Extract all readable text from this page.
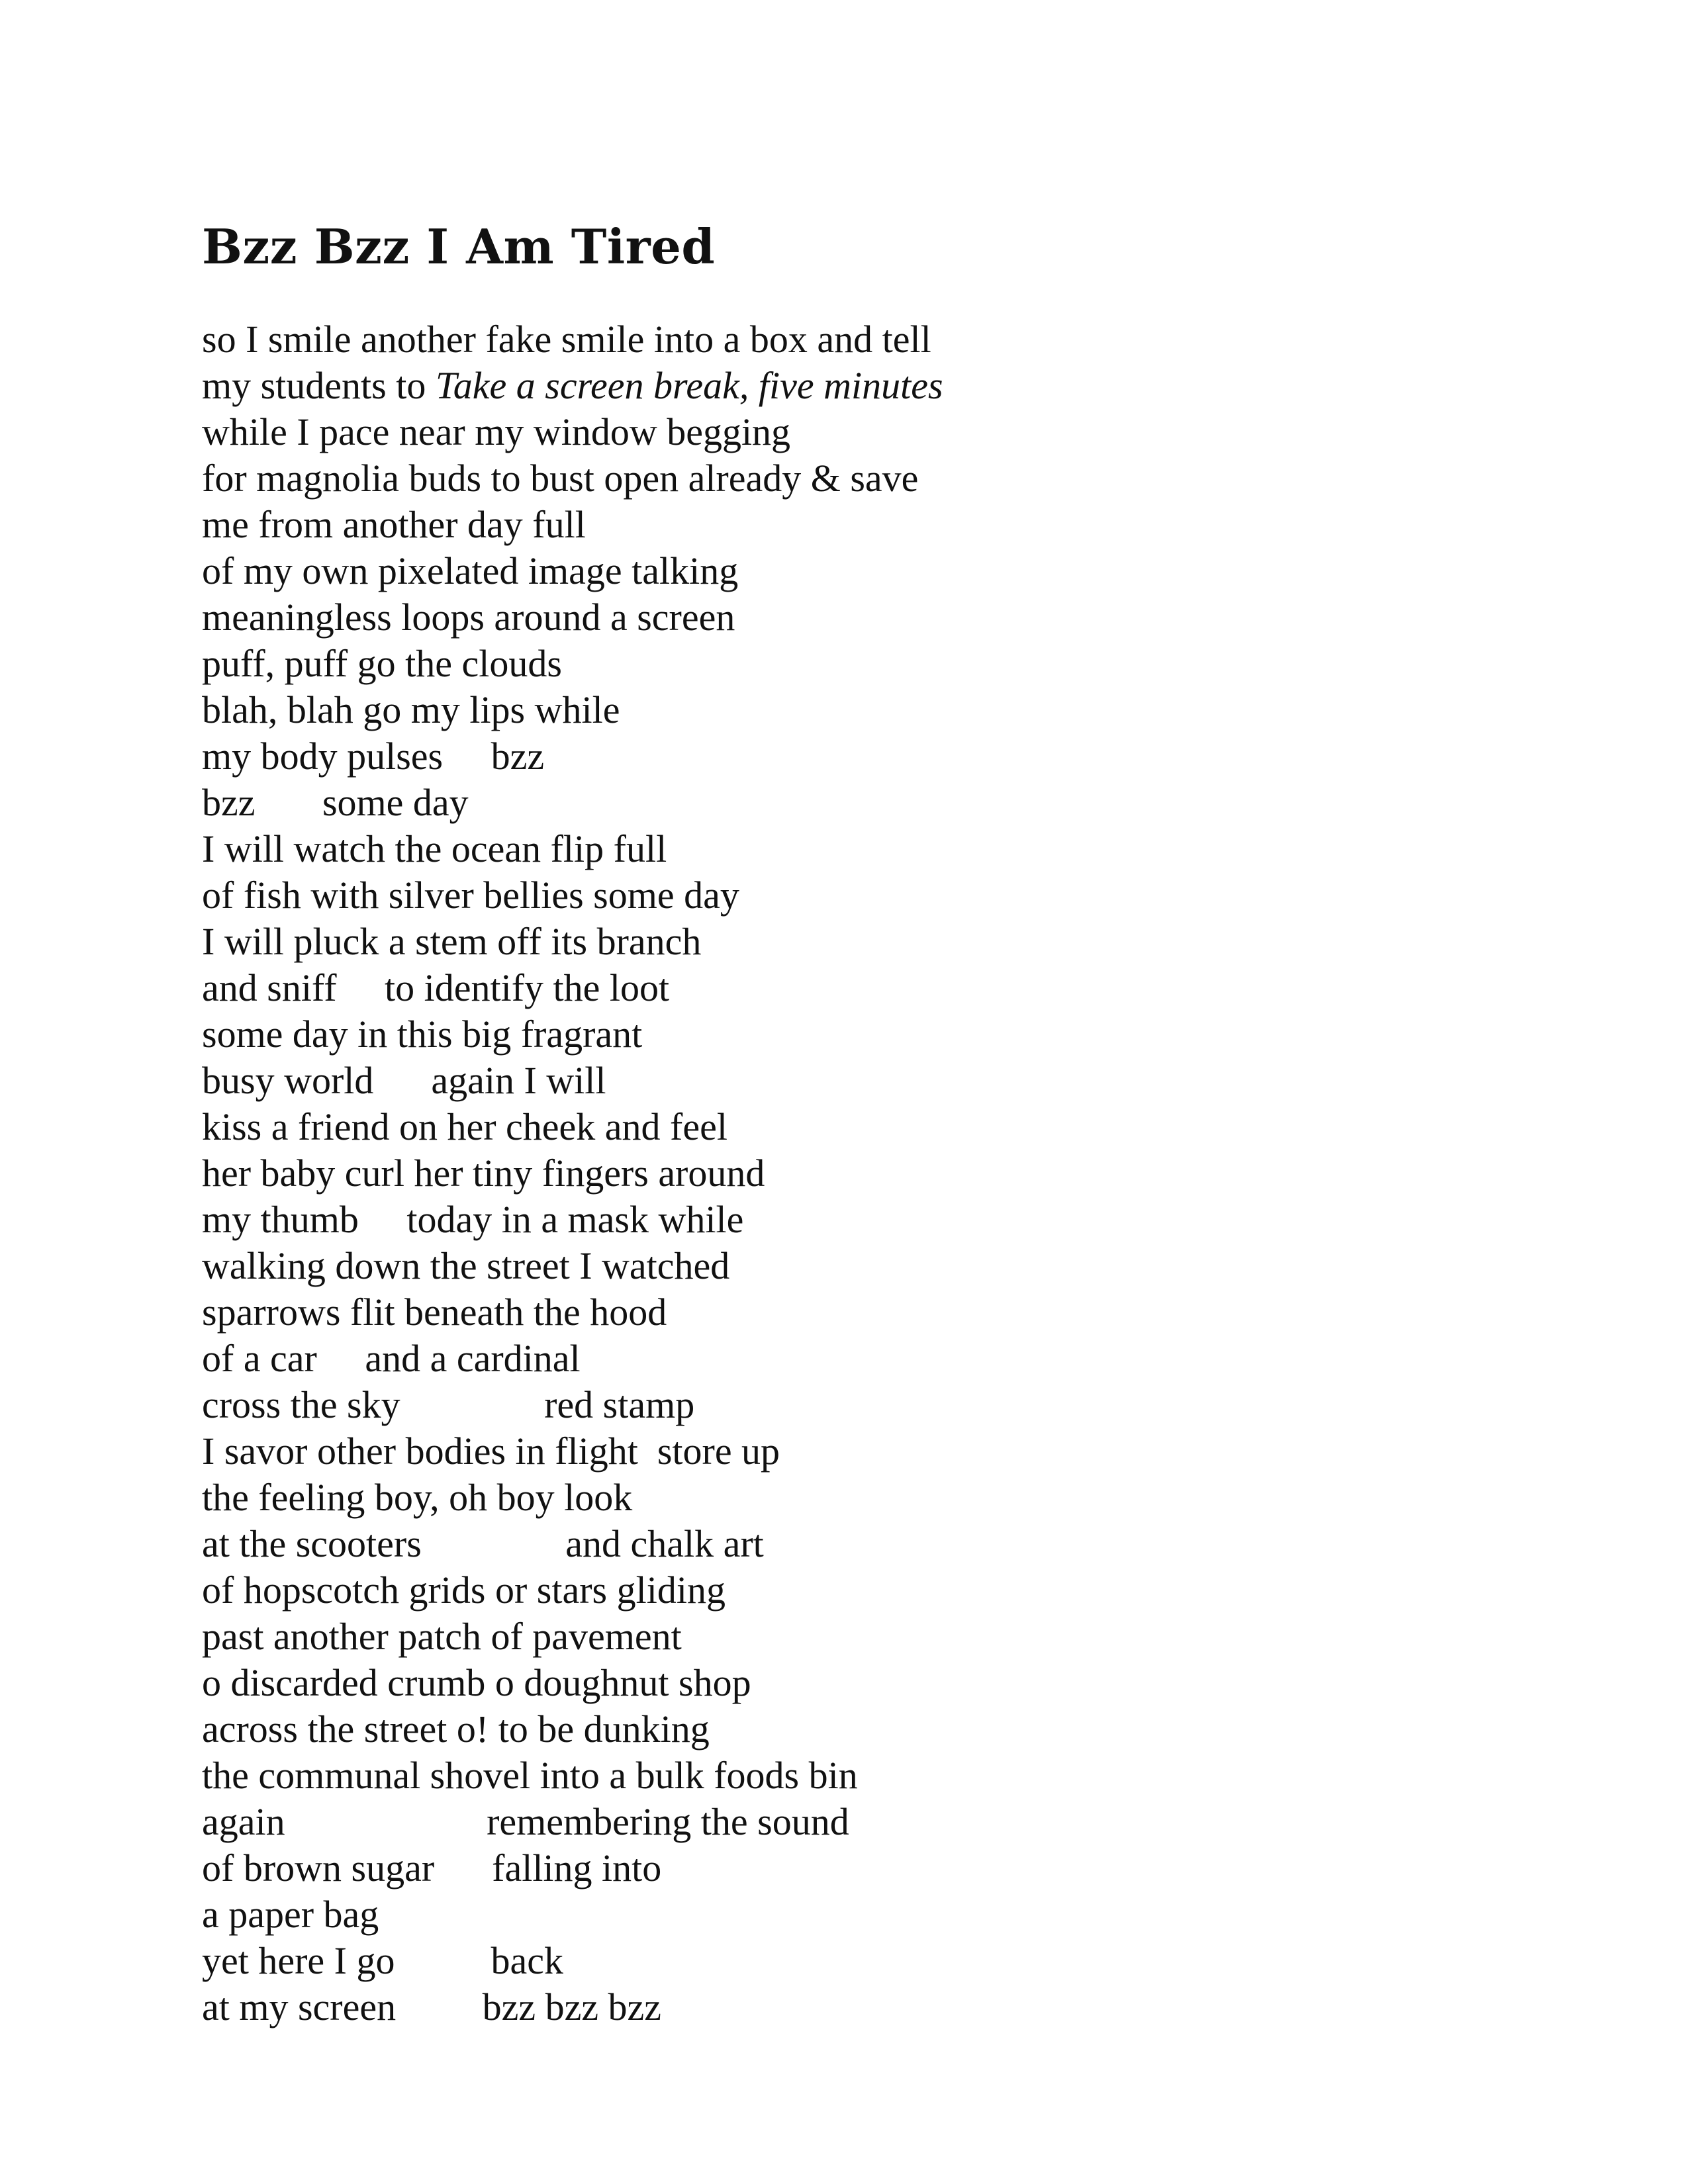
Bzz Bzz I Am Tired
so I smile another fake smile into a box and tell
my students to Take a screen break, five minutes
while I pace near my window begging
for magnolia buds to bust open already & save
me from another day full
of my own pixelated image talking
meaningless loops around a screen
puff, puff go the clouds
blah, blah go my lips while
my body pulses     bzz
bzz       some day
I will watch the ocean flip full
of fish with silver bellies some day
I will pluck a stem off its branch
and sniff     to identify the loot
some day in this big fragrant
busy world      again I will
kiss a friend on her cheek and feel
her baby curl her tiny fingers around
my thumb     today in a mask while
walking down the street I watched
sparrows flit beneath the hood
of a car     and a cardinal
cross the sky               red stamp
I savor other bodies in flight  store up
the feeling boy, oh boy look
at the scooters               and chalk art
of hopscotch grids or stars gliding
past another patch of pavement
o discarded crumb o doughnut shop
across the street o! to be dunking
the communal shovel into a bulk foods bin
again                     remembering the sound
of brown sugar      falling into
a paper bag
yet here I go          back
at my screen         bzz bzz bzz
